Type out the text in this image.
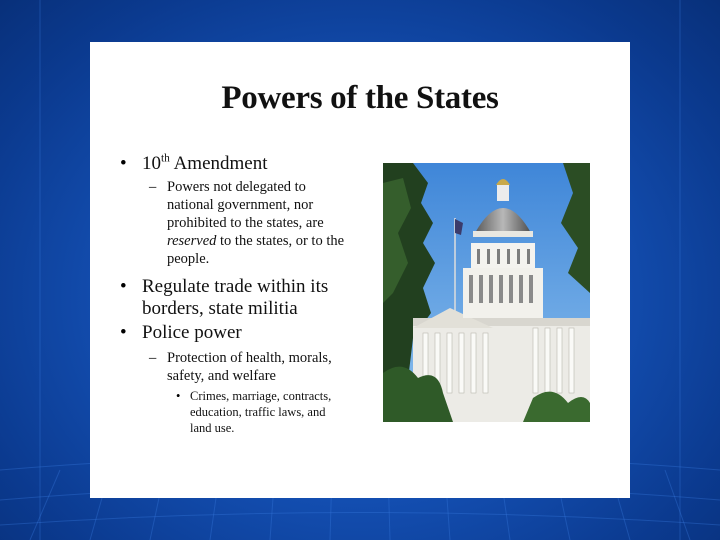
Powers of the States
• 10th Amendment
– Powers not delegated to
national government, nor
prohibited to the states, are
reserved to the states, or to the
people.
• Regulate trade within its
borders, state militia
• Police power
– Protection of health, morals,
safety, and welfare
• Crimes, marriage, contracts,
education, traffic laws, and
land use.
